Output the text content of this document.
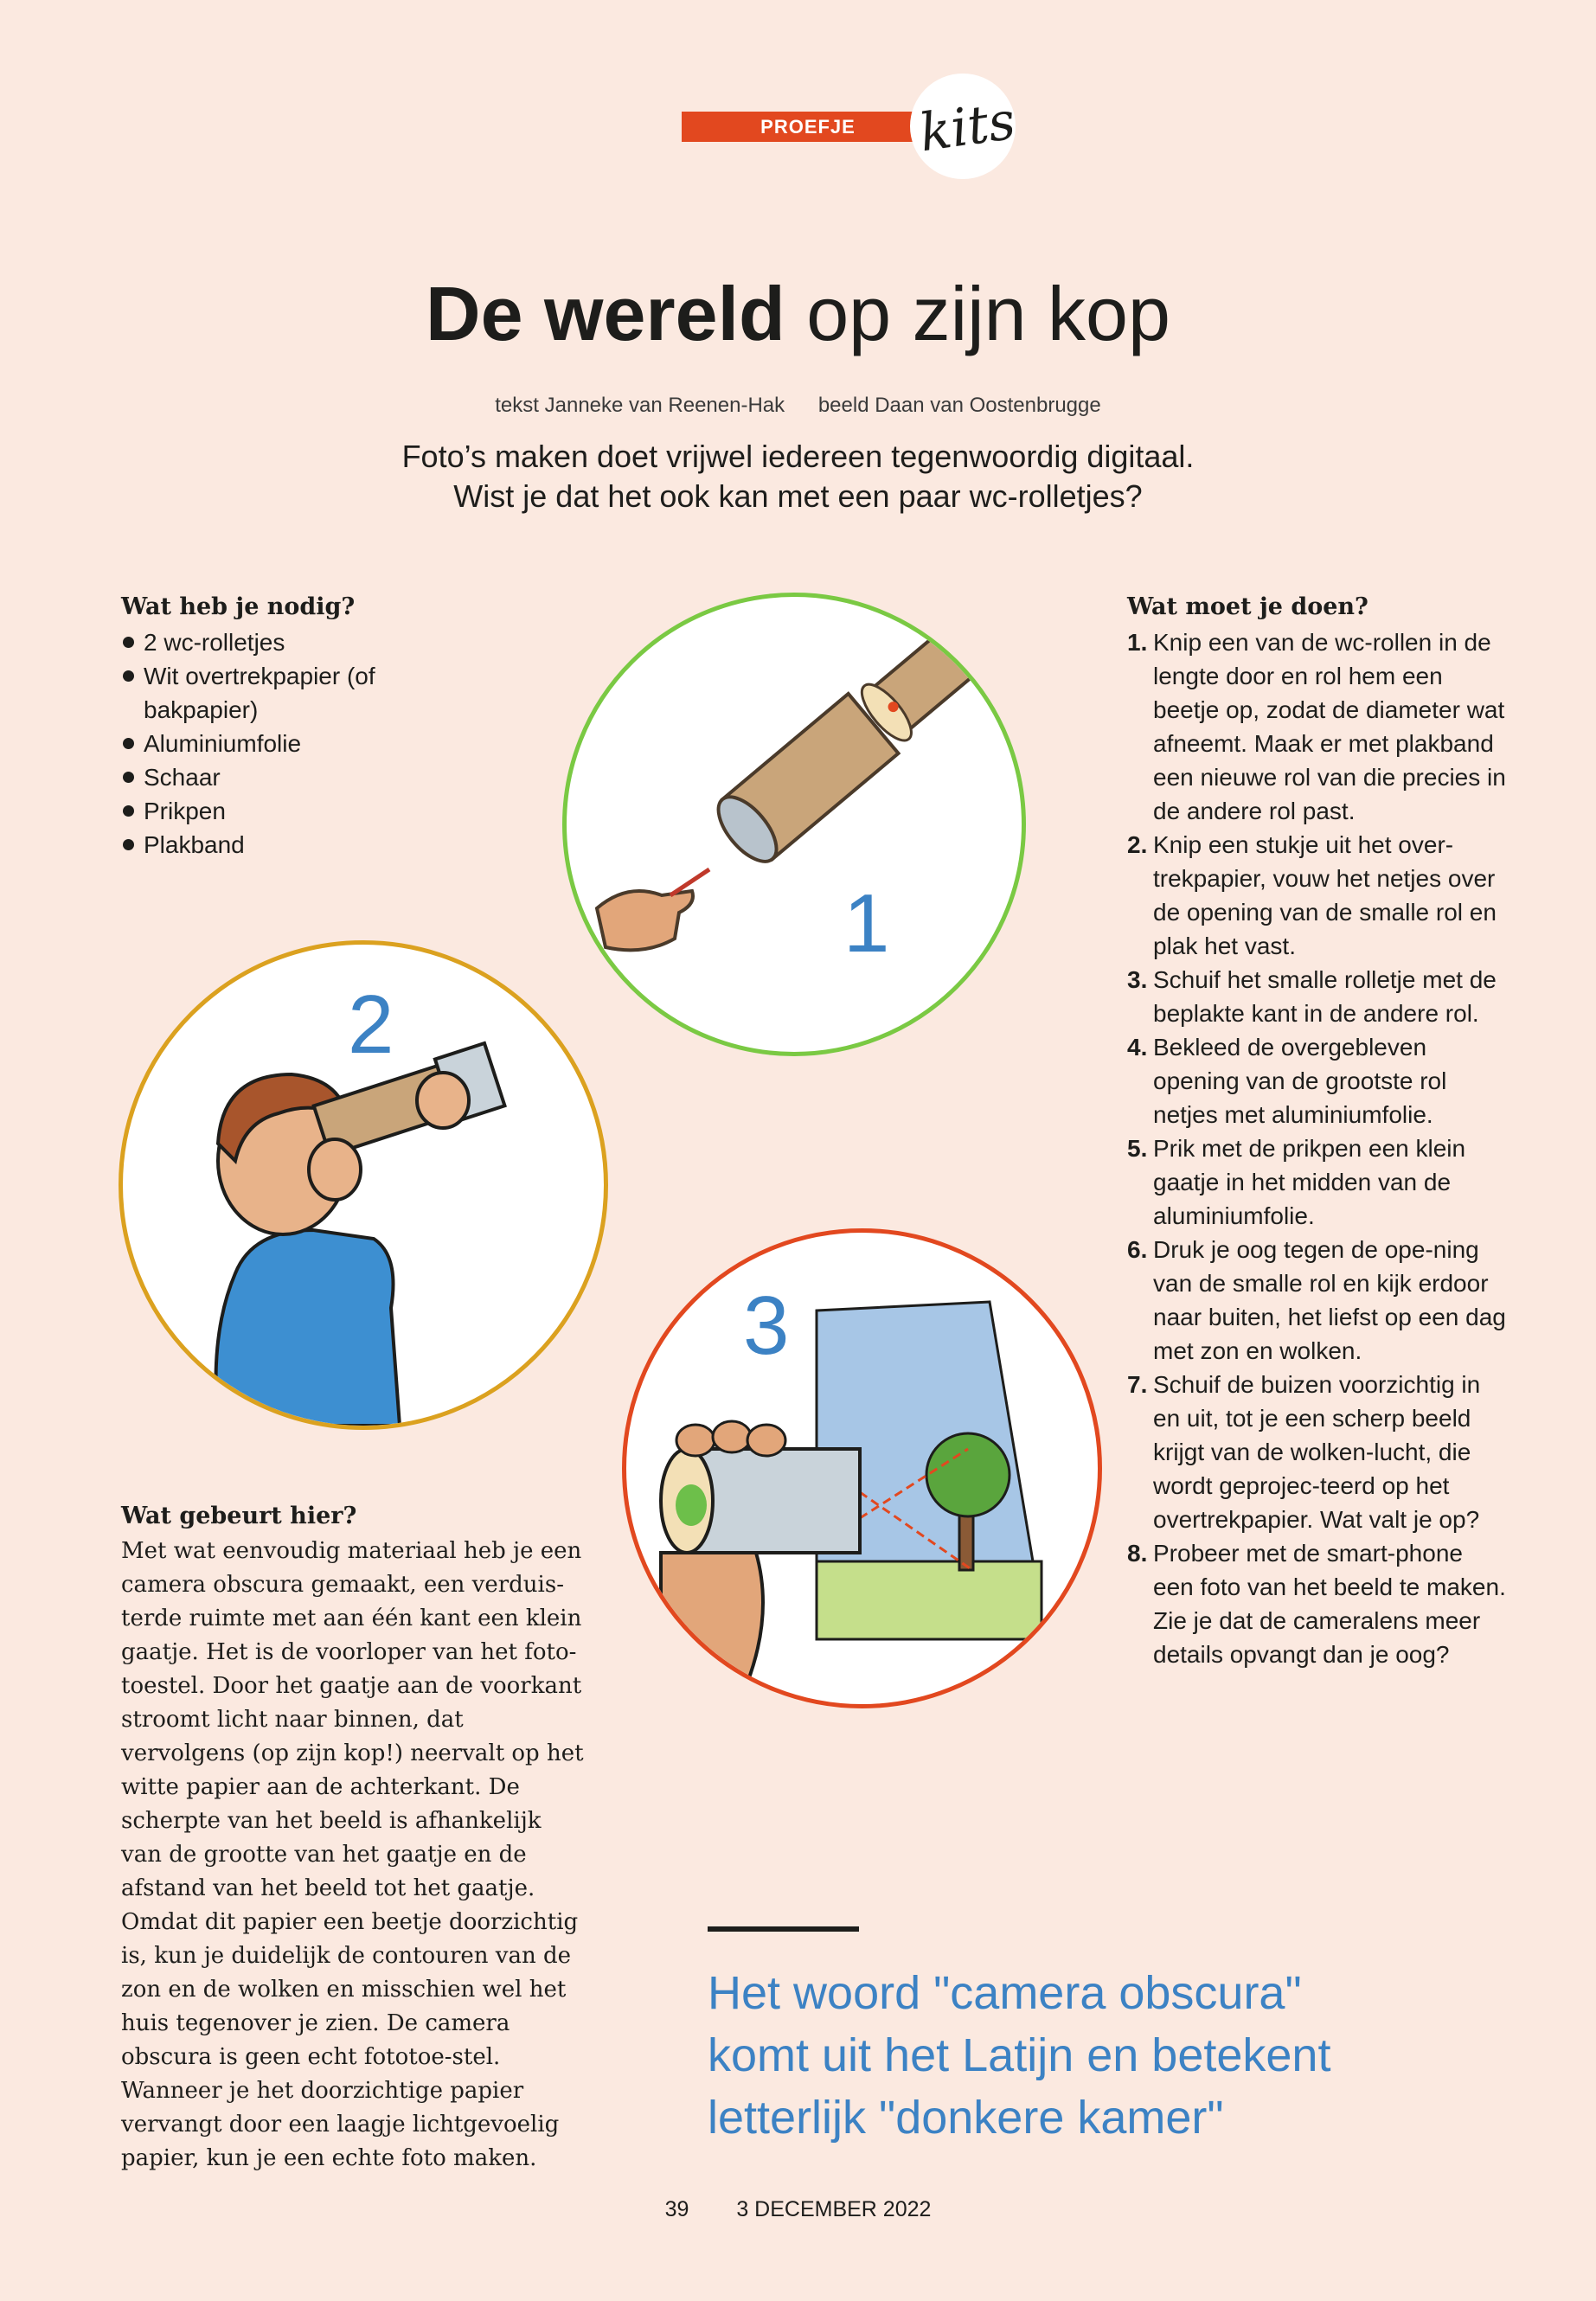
PROEFJE	kits
De wereld op zijn kop
tekst Janneke van Reenen-Hak beeld Daan van Oostenbrugge
Foto’s maken doet vrijwel iedereen tegenwoordig digitaal.
Wist je dat het ook kan met een paar wc-rolletjes?
Wat heb je nodig?
2 wc-rolletjes
Wit overtrekpapier (of bakpapier)
Aluminiumfolie
Schaar
Prikpen
Plakband
Wat moet je doen?
1. Knip een van de wc-rollen in de lengte door en rol hem een beetje op, zodat de diameter wat afneemt. Maak er met plakband een nieuwe rol van die precies in de andere rol past.
2. Knip een stukje uit het over-trekpapier, vouw het netjes over de opening van de smalle rol en plak het vast.
3. Schuif het smalle rolletje met de beplakte kant in de andere rol.
4. Bekleed de overgebleven opening van de grootste rol netjes met aluminiumfolie.
5. Prik met de prikpen een klein gaatje in het midden van de aluminiumfolie.
6. Druk je oog tegen de ope-ning van de smalle rol en kijk erdoor naar buiten, het liefst op een dag met zon en wolken.
7. Schuif de buizen voorzichtig in en uit, tot je een scherp beeld krijgt van de wolken-lucht, die wordt geprojec-teerd op het overtrekpapier. Wat valt je op?
8. Probeer met de smart-phone een foto van het beeld te maken. Zie je dat de cameralens meer details opvangt dan je oog?
1
2
3
Wat gebeurt hier?

Met wat eenvoudig materiaal heb je een camera obscura gemaakt, een verduis-terde ruimte met aan één kant een klein gaatje. Het is de voorloper van het foto-toestel. Door het gaatje aan de voorkant stroomt licht naar binnen, dat vervolgens (op zijn kop!) neervalt op het witte papier aan de achterkant. De scherpte van het beeld is afhankelijk van de grootte van het gaatje en de afstand van het beeld tot het gaatje. Omdat dit papier een beetje doorzichtig is, kun je duidelijk de contouren van de zon en de wolken en misschien wel het huis tegenover je zien. De camera obscura is geen echt fototoe-stel. Wanneer je het doorzichtige papier vervangt door een laagje lichtgevoelig papier, kun je een echte foto maken.

Het woord "camera obscura"
komt uit het Latijn en betekent
letterlijk "donkere kamer"
39 3 DECEMBER 2022
